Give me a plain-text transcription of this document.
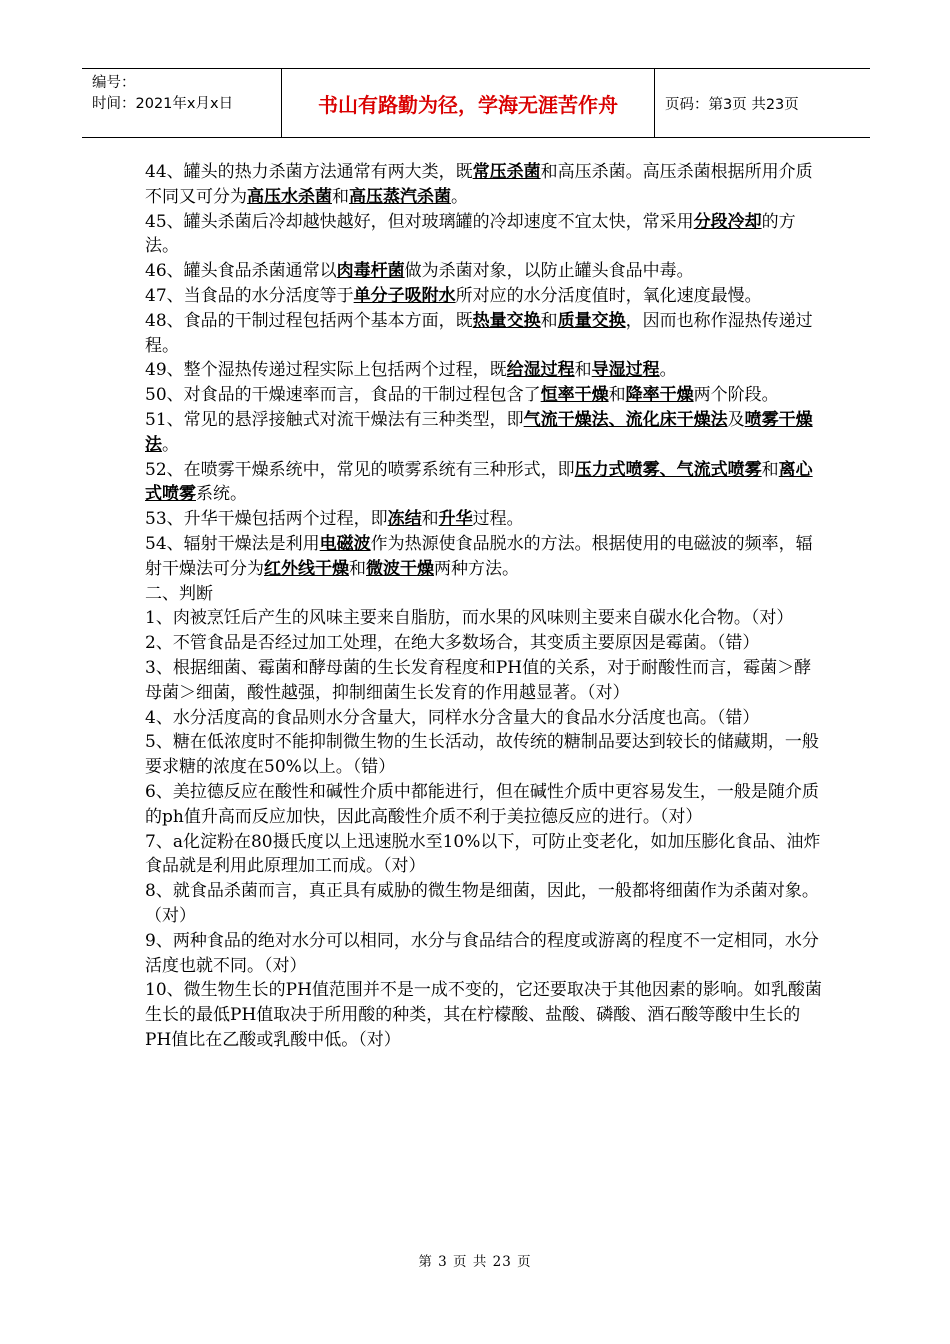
编号：
时间：2021年x月x日	书山有路勤为径，学海无涯苦作舟	页码：第3页 共23页

44、罐头的热力杀菌方法通常有两大类，既常压杀菌和高压杀菌。高压杀菌根据所用介质不同又可分为高压水杀菌和高压蒸汽杀菌。

45、罐头杀菌后冷却越快越好，但对玻璃罐的冷却速度不宜太快，常采用分段冷却的方法。

46、罐头食品杀菌通常以肉毒杆菌做为杀菌对象，以防止罐头食品中毒。

47、当食品的水分活度等于单分子吸附水所对应的水分活度值时，氧化速度最慢。

48、食品的干制过程包括两个基本方面，既热量交换和质量交换，因而也称作湿热传递过程。

49、整个湿热传递过程实际上包括两个过程，既给湿过程和导湿过程。

50、对食品的干燥速率而言，食品的干制过程包含了恒率干燥和降率干燥两个阶段。

51、常见的悬浮接触式对流干燥法有三种类型，即气流干燥法、流化床干燥法及喷雾干燥法。

52、在喷雾干燥系统中，常见的喷雾系统有三种形式，即压力式喷雾、气流式喷雾和离心式喷雾系统。

53、升华干燥包括两个过程，即冻结和升华过程。

54、辐射干燥法是利用电磁波作为热源使食品脱水的方法。根据使用的电磁波的频率，辐射干燥法可分为红外线干燥和微波干燥两种方法。

二、判断

1、肉被烹饪后产生的风味主要来自脂肪，而水果的风味则主要来自碳水化合物。（对）

2、不管食品是否经过加工处理，在绝大多数场合，其变质主要原因是霉菌。（错）

3、根据细菌、霉菌和酵母菌的生长发育程度和PH值的关系，对于耐酸性而言，霉菌＞酵母菌＞细菌，酸性越强，抑制细菌生长发育的作用越显著。（对）

4、水分活度高的食品则水分含量大，同样水分含量大的食品水分活度也高。（错）

5、糖在低浓度时不能抑制微生物的生长活动，故传统的糖制品要达到较长的储藏期，一般要求糖的浓度在50%以上。（错）

6、美拉德反应在酸性和碱性介质中都能进行，但在碱性介质中更容易发生，一般是随介质的ph值升高而反应加快，因此高酸性介质不利于美拉德反应的进行。（对）

7、a化淀粉在80摄氏度以上迅速脱水至10%以下，可防止变老化，如加压膨化食品、油炸食品就是利用此原理加工而成。（对）

8、就食品杀菌而言，真正具有威胁的微生物是细菌，因此，一般都将细菌作为杀菌对象。（对）

9、两种食品的绝对水分可以相同，水分与食品结合的程度或游离的程度不一定相同，水分活度也就不同。（对）

10、微生物生长的PH值范围并不是一成不变的，它还要取决于其他因素的影响。如乳酸菌生长的最低PH值取决于所用酸的种类，其在柠檬酸、盐酸、磷酸、酒石酸等酸中生长的PH值比在乙酸或乳酸中低。（对）

第 3 页 共 23 页
